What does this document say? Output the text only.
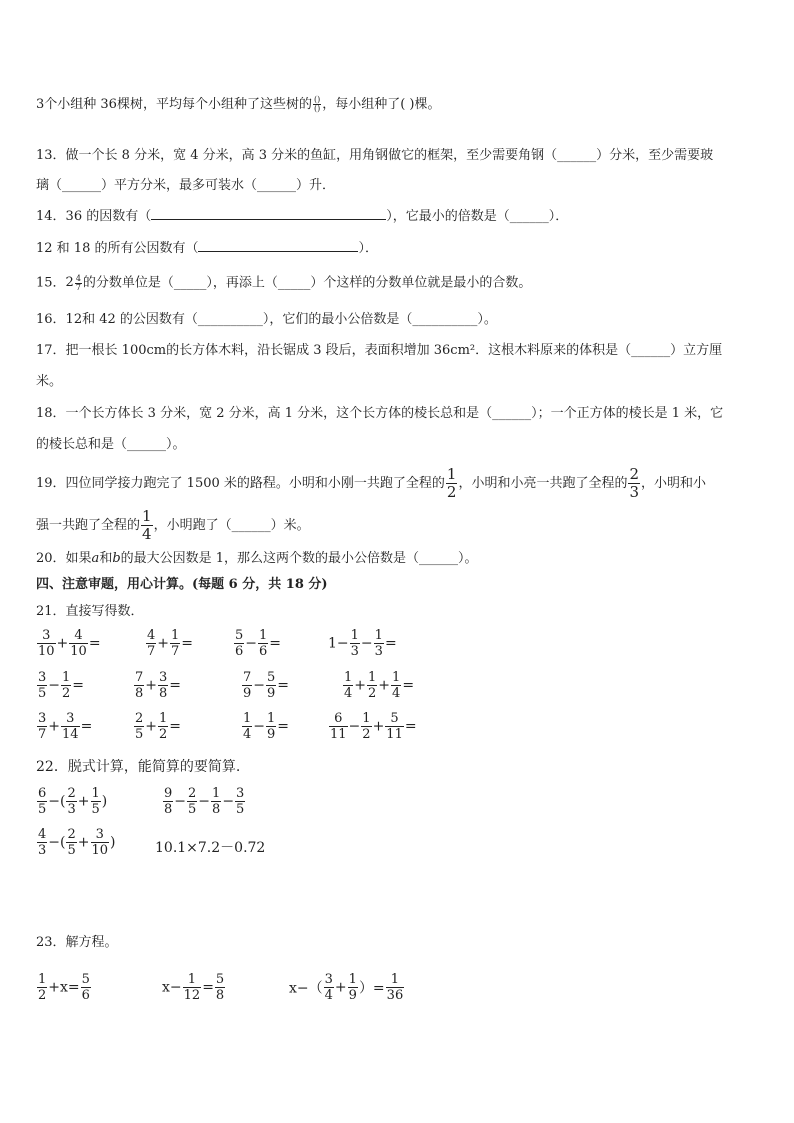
3个小组种 36棵树，平均每个小组种了这些树的 ()
() ，每小组种了( )棵。
13．做一个长 8 分米，宽 4 分米，高 3 分米的鱼缸，用角钢做它的框架，至少需要角钢（______）分米，至少需要玻
璃（______）平方分米，最多可装水（______）升．
14．36 的因数有（	），它最小的倍数是（______）．
12 和 18 的所有公因数有（	）．
15． 2 4
7 的分数单位是（_____），再添上（_____）个这样的分数单位就是最小的合数。
16．12和 42 的公因数有（__________），它们的最小公倍数是（__________）。
17．把一根长 100cm的长方体木料，沿长锯成 3 段后，表面积增加 36cm²．这根木料原来的体积是（______）立方厘
米。
18．一个长方体长 3 分米，宽 2 分米，高 1 分米，这个长方体的棱长总和是（______）；一个正方体的棱长是 1 米，它
的棱长总和是（______）。
19．四位同学接力跑完了 1500 米的路程。小明和小刚一共跑了全程的 $\frac{1}{2}$ ，小明和小亮一共跑了全程的 $\frac{2}{3}$ ，小明和小
强一共跑了全程的 $\frac{1}{4}$ ，小明跑了（______）米。
20．如果a和b的最大公因数是 1，那么这两个数的最小公倍数是（______）。
四、注意审题，用心计算。(每题 6 分，共 18 分)
21．直接写得数．
$\frac{3}{10} + \frac{4}{10}$ =	$\frac{4}{7} + \frac{1}{7}$ =	$\frac{5}{6} - \frac{1}{6}$ =	$1- \frac{1}{3} - \frac{1}{3}$ =
$\frac{3}{5} - \frac{1}{2}$ =	$\frac{7}{8} + \frac{3}{8}$ =	$\frac{7}{9} - \frac{5}{9}$ =	$\frac{1}{4} + \frac{1}{2} + \frac{1}{4}$ =
$\frac{3}{7} + \frac{3}{14}$ =	$\frac{2}{5} + \frac{1}{2}$ =	$\frac{1}{4} - \frac{1}{9}$ =	$\frac{6}{11} - \frac{1}{2} + \frac{5}{11}$ =
22．脱式计算，能简算的要简算.
$\frac{6}{5}$ −( $\frac{2}{3} + \frac{1}{5}$ )	$\frac{9}{8} - \frac{2}{5} - \frac{1}{8} - \frac{3}{5}$
$\frac{4}{3}$ −( $\frac{2}{5} + \frac{3}{10}$ )	10.1×7.2－0.72
23．解方程。
$\frac{1}{2} +x= \frac{5}{6}$	$x- \frac{1}{12} = \frac{5}{8}$	$x-( \frac{3}{4} + \frac{1}{9}$ ）= $\frac{1}{36}$
